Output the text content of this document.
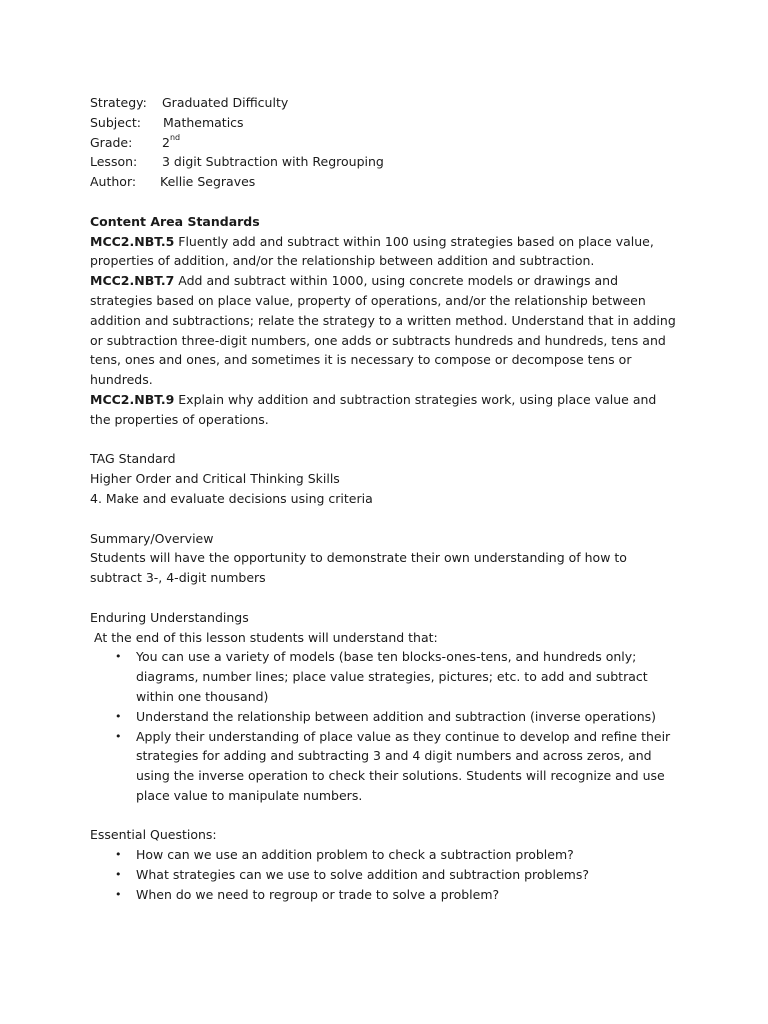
Strategy:	Graduated Difficulty
Subject:	Mathematics
Grade:	2nd
Lesson:	3 digit Subtraction with Regrouping
Author:	Kellie Segraves
Content Area Standards
MCC2.NBT.5 Fluently add and subtract within 100 using strategies based on place value, properties of addition, and/or the relationship between addition and subtraction.
MCC2.NBT.7 Add and subtract within 1000, using concrete models or drawings and strategies based on place value, property of operations, and/or the relationship between addition and subtractions; relate the strategy to a written method. Understand that in adding or subtraction three-digit numbers, one adds or subtracts hundreds and hundreds, tens and tens, ones and ones, and sometimes it is necessary to compose or decompose tens or hundreds.
MCC2.NBT.9 Explain why addition and subtraction strategies work, using place value and the properties of operations.
TAG Standard
Higher Order and Critical Thinking Skills
4. Make and evaluate decisions using criteria
Summary/Overview
Students will have the opportunity to demonstrate their own understanding of how to subtract 3-, 4-digit numbers
Enduring Understandings
At the end of this lesson students will understand that:
• You can use a variety of models (base ten blocks-ones-tens, and hundreds only; diagrams, number lines; place value strategies, pictures; etc. to add and subtract within one thousand)
• Understand the relationship between addition and subtraction (inverse operations)
• Apply their understanding of place value as they continue to develop and refine their strategies for adding and subtracting 3 and 4 digit numbers and across zeros, and using the inverse operation to check their solutions. Students will recognize and use place value to manipulate numbers.
Essential Questions:
• How can we use an addition problem to check a subtraction problem?
• What strategies can we use to solve addition and subtraction problems?
• When do we need to regroup or trade to solve a problem?
